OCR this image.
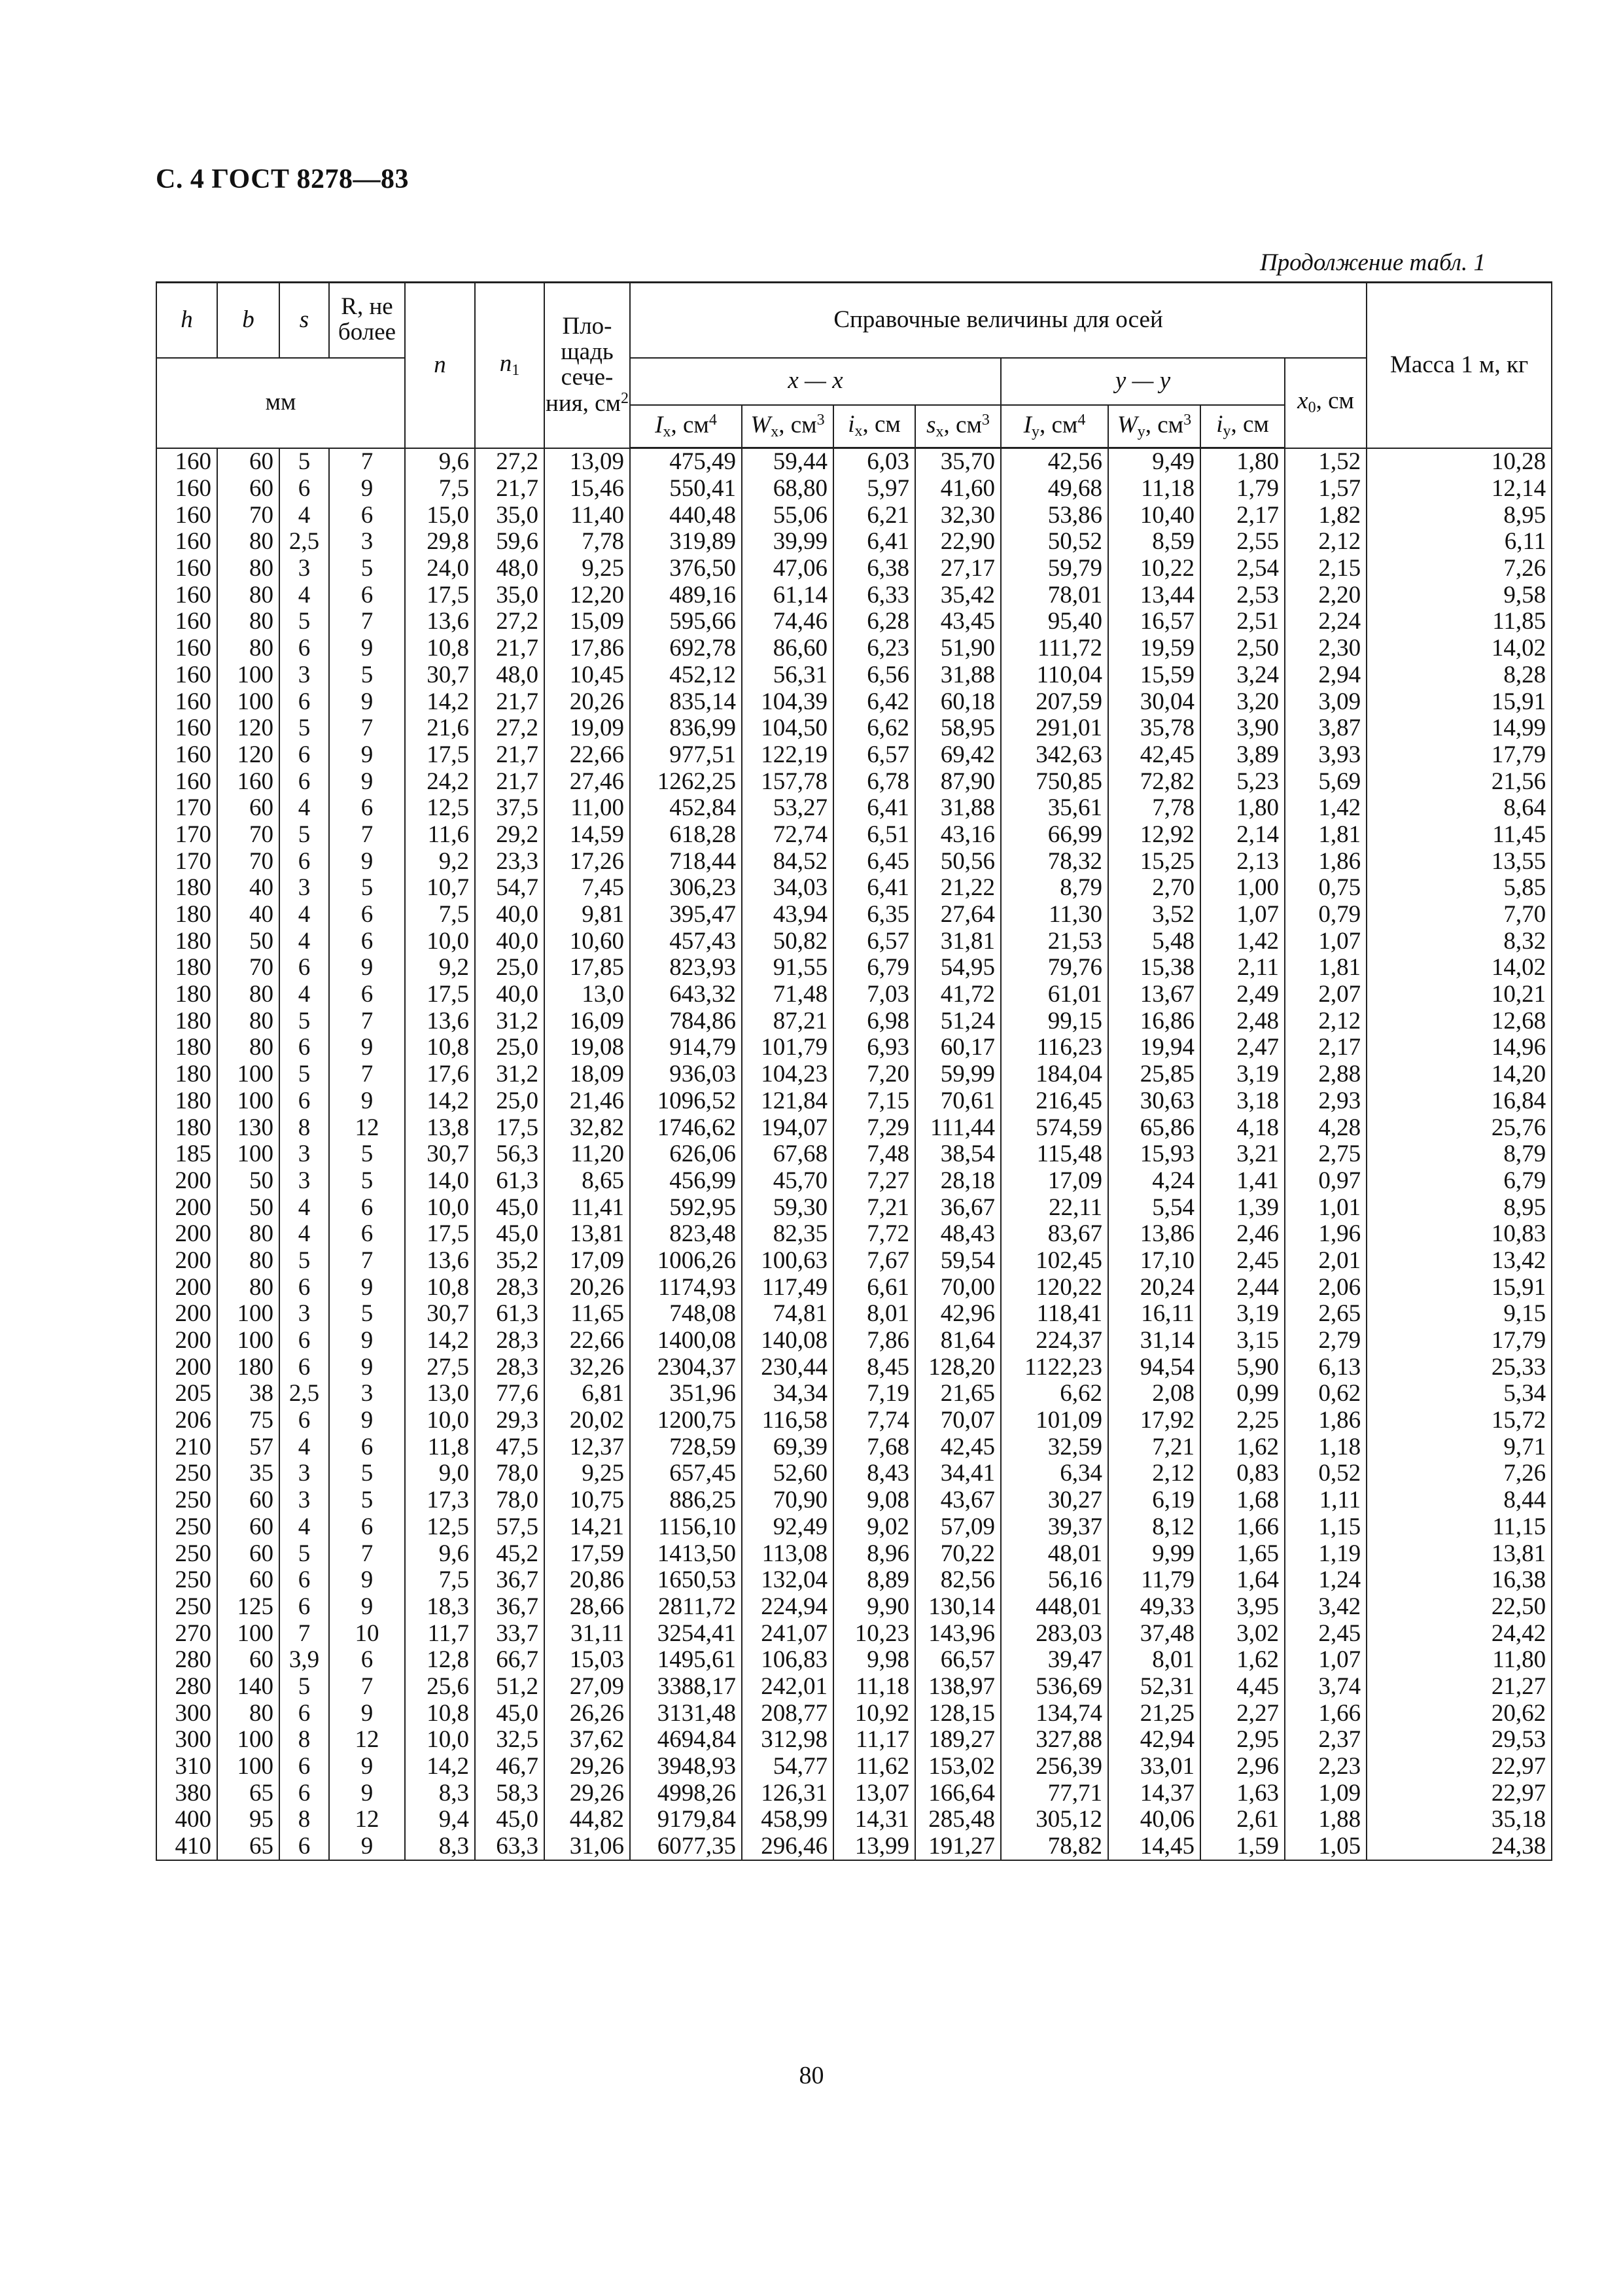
С. 4 ГОСТ 8278—83
Продолжение табл. 1
h	b	s	R, не более	n	$n_1$	Пло- щадь сече- ния, $см^2$	Справочные величины для осей								Масса 1 м, кг
мм							x — x				y — y			$x_0$, см	
							$I_x$, $см^4$	$W_x$, $см^3$	$i_x$, см	$s_x$, $см^3$	$I_y$, $см^4$	$W_y$, $см^3$	$i_y$, см		
160	60	5	7	9,6	27,2	13,09	475,49	59,44	6,03	35,70	42,56	9,49	1,80	1,52	10,28
160	60	6	9	7,5	21,7	15,46	550,41	68,80	5,97	41,60	49,68	11,18	1,79	1,57	12,14
160	70	4	6	15,0	35,0	11,40	440,48	55,06	6,21	32,30	53,86	10,40	2,17	1,82	8,95
160	80	2,5	3	29,8	59,6	7,78	319,89	39,99	6,41	22,90	50,52	8,59	2,55	2,12	6,11
160	80	3	5	24,0	48,0	9,25	376,50	47,06	6,38	27,17	59,79	10,22	2,54	2,15	7,26
160	80	4	6	17,5	35,0	12,20	489,16	61,14	6,33	35,42	78,01	13,44	2,53	2,20	9,58
160	80	5	7	13,6	27,2	15,09	595,66	74,46	6,28	43,45	95,40	16,57	2,51	2,24	11,85
160	80	6	9	10,8	21,7	17,86	692,78	86,60	6,23	51,90	111,72	19,59	2,50	2,30	14,02
160	100	3	5	30,7	48,0	10,45	452,12	56,31	6,56	31,88	110,04	15,59	3,24	2,94	8,28
160	100	6	9	14,2	21,7	20,26	835,14	104,39	6,42	60,18	207,59	30,04	3,20	3,09	15,91
160	120	5	7	21,6	27,2	19,09	836,99	104,50	6,62	58,95	291,01	35,78	3,90	3,87	14,99
160	120	6	9	17,5	21,7	22,66	977,51	122,19	6,57	69,42	342,63	42,45	3,89	3,93	17,79
160	160	6	9	24,2	21,7	27,46	1262,25	157,78	6,78	87,90	750,85	72,82	5,23	5,69	21,56
170	60	4	6	12,5	37,5	11,00	452,84	53,27	6,41	31,88	35,61	7,78	1,80	1,42	8,64
170	70	5	7	11,6	29,2	14,59	618,28	72,74	6,51	43,16	66,99	12,92	2,14	1,81	11,45
170	70	6	9	9,2	23,3	17,26	718,44	84,52	6,45	50,56	78,32	15,25	2,13	1,86	13,55
180	40	3	5	10,7	54,7	7,45	306,23	34,03	6,41	21,22	8,79	2,70	1,00	0,75	5,85
180	40	4	6	7,5	40,0	9,81	395,47	43,94	6,35	27,64	11,30	3,52	1,07	0,79	7,70
180	50	4	6	10,0	40,0	10,60	457,43	50,82	6,57	31,81	21,53	5,48	1,42	1,07	8,32
180	70	6	9	9,2	25,0	17,85	823,93	91,55	6,79	54,95	79,76	15,38	2,11	1,81	14,02
180	80	4	6	17,5	40,0	13,0	643,32	71,48	7,03	41,72	61,01	13,67	2,49	2,07	10,21
180	80	5	7	13,6	31,2	16,09	784,86	87,21	6,98	51,24	99,15	16,86	2,48	2,12	12,68
180	80	6	9	10,8	25,0	19,08	914,79	101,79	6,93	60,17	116,23	19,94	2,47	2,17	14,96
180	100	5	7	17,6	31,2	18,09	936,03	104,23	7,20	59,99	184,04	25,85	3,19	2,88	14,20
180	100	6	9	14,2	25,0	21,46	1096,52	121,84	7,15	70,61	216,45	30,63	3,18	2,93	16,84
180	130	8	12	13,8	17,5	32,82	1746,62	194,07	7,29	111,44	574,59	65,86	4,18	4,28	25,76
185	100	3	5	30,7	56,3	11,20	626,06	67,68	7,48	38,54	115,48	15,93	3,21	2,75	8,79
200	50	3	5	14,0	61,3	8,65	456,99	45,70	7,27	28,18	17,09	4,24	1,41	0,97	6,79
200	50	4	6	10,0	45,0	11,41	592,95	59,30	7,21	36,67	22,11	5,54	1,39	1,01	8,95
200	80	4	6	17,5	45,0	13,81	823,48	82,35	7,72	48,43	83,67	13,86	2,46	1,96	10,83
200	80	5	7	13,6	35,2	17,09	1006,26	100,63	7,67	59,54	102,45	17,10	2,45	2,01	13,42
200	80	6	9	10,8	28,3	20,26	1174,93	117,49	6,61	70,00	120,22	20,24	2,44	2,06	15,91
200	100	3	5	30,7	61,3	11,65	748,08	74,81	8,01	42,96	118,41	16,11	3,19	2,65	9,15
200	100	6	9	14,2	28,3	22,66	1400,08	140,08	7,86	81,64	224,37	31,14	3,15	2,79	17,79
200	180	6	9	27,5	28,3	32,26	2304,37	230,44	8,45	128,20	1122,23	94,54	5,90	6,13	25,33
205	38	2,5	3	13,0	77,6	6,81	351,96	34,34	7,19	21,65	6,62	2,08	0,99	0,62	5,34
206	75	6	9	10,0	29,3	20,02	1200,75	116,58	7,74	70,07	101,09	17,92	2,25	1,86	15,72
210	57	4	6	11,8	47,5	12,37	728,59	69,39	7,68	42,45	32,59	7,21	1,62	1,18	9,71
250	35	3	5	9,0	78,0	9,25	657,45	52,60	8,43	34,41	6,34	2,12	0,83	0,52	7,26
250	60	3	5	17,3	78,0	10,75	886,25	70,90	9,08	43,67	30,27	6,19	1,68	1,11	8,44
250	60	4	6	12,5	57,5	14,21	1156,10	92,49	9,02	57,09	39,37	8,12	1,66	1,15	11,15
250	60	5	7	9,6	45,2	17,59	1413,50	113,08	8,96	70,22	48,01	9,99	1,65	1,19	13,81
250	60	6	9	7,5	36,7	20,86	1650,53	132,04	8,89	82,56	56,16	11,79	1,64	1,24	16,38
250	125	6	9	18,3	36,7	28,66	2811,72	224,94	9,90	130,14	448,01	49,33	3,95	3,42	22,50
270	100	7	10	11,7	33,7	31,11	3254,41	241,07	10,23	143,96	283,03	37,48	3,02	2,45	24,42
280	60	3,9	6	12,8	66,7	15,03	1495,61	106,83	9,98	66,57	39,47	8,01	1,62	1,07	11,80
280	140	5	7	25,6	51,2	27,09	3388,17	242,01	11,18	138,97	536,69	52,31	4,45	3,74	21,27
300	80	6	9	10,8	45,0	26,26	3131,48	208,77	10,92	128,15	134,74	21,25	2,27	1,66	20,62
300	100	8	12	10,0	32,5	37,62	4694,84	312,98	11,17	189,27	327,88	42,94	2,95	2,37	29,53
310	100	6	9	14,2	46,7	29,26	3948,93	54,77	11,62	153,02	256,39	33,01	2,96	2,23	22,97
380	65	6	9	8,3	58,3	29,26	4998,26	126,31	13,07	166,64	77,71	14,37	1,63	1,09	22,97
400	95	8	12	9,4	45,0	44,82	9179,84	458,99	14,31	285,48	305,12	40,06	2,61	1,88	35,18
410	65	6	9	8,3	63,3	31,06	6077,35	296,46	13,99	191,27	78,82	14,45	1,59	1,05	24,38
80
